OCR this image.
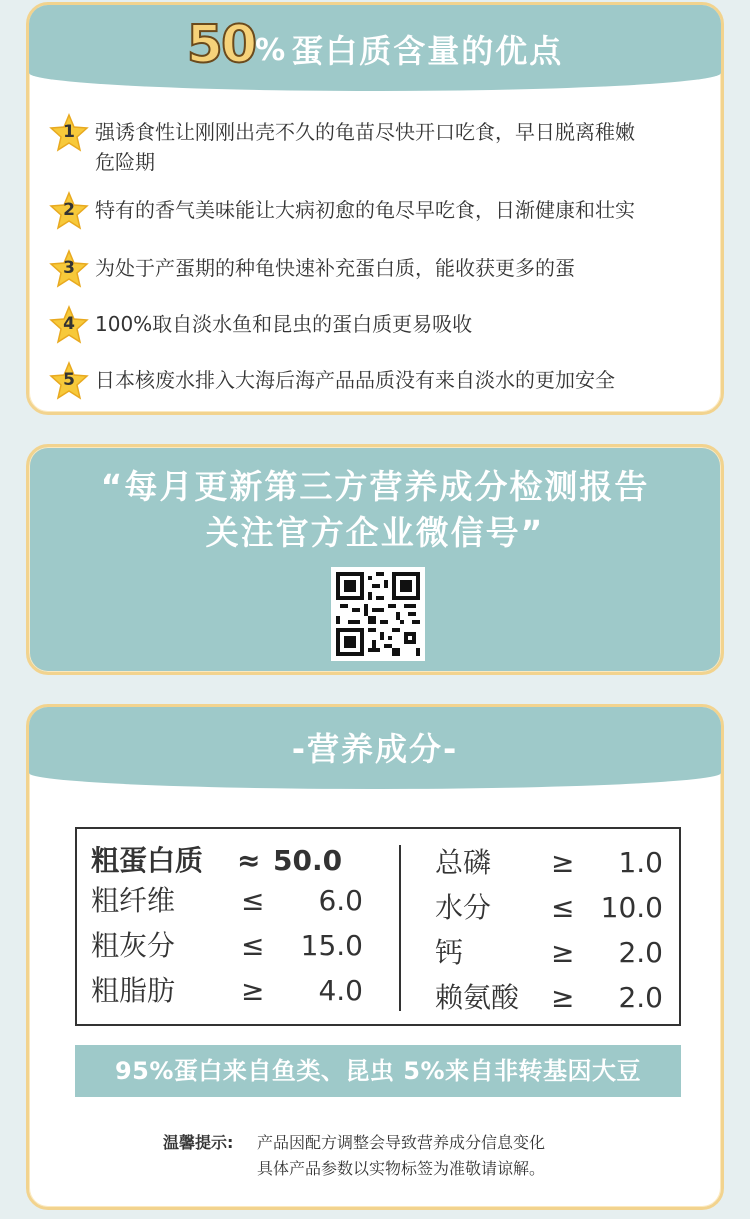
50 % 蛋白质含量的优点
1	强诱食性让刚刚出壳不久的龟苗尽快开口吃食，早日脱离稚嫩
危险期
2	特有的香气美味能让大病初愈的龟尽早吃食，日渐健康和壮实
3	为处于产蛋期的种龟快速补充蛋白质，能收获更多的蛋
4	100%取自淡水鱼和昆虫的蛋白质更易吸收
5	日本核废水排入大海后海产品品质没有来自淡水的更加安全
“每月更新第三方营养成分检测报告
关注官方企业微信号”
-营养成分-
粗蛋白质 ≈ 50.0
粗纤维 ≤	6.0
粗灰分 ≤	15.0
粗脂肪 ≥	4.0
总磷 ≥	1.0
水分 ≤ 10.0
钙	≥	2.0
赖氨酸 ≥	2.0
95%蛋白来自鱼类、昆虫 5%来自非转基因大豆
温馨提示: 产品因配方调整会导致营养成分信息变化
具体产品参数以实物标签为准敬请谅解。
